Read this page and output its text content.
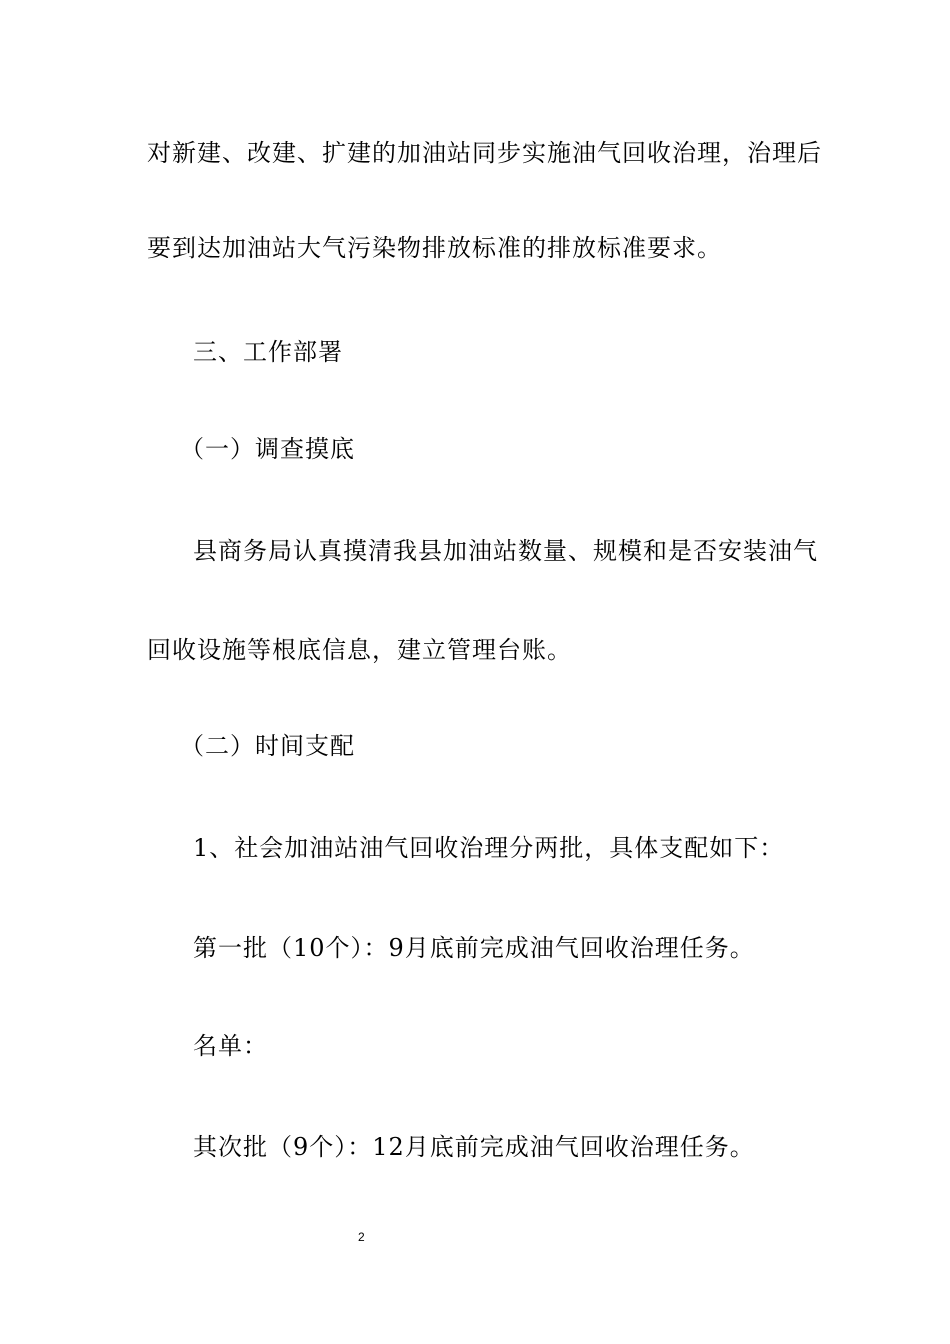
对新建、改建、扩建的加油站同步实施油气回收治理，治理后
要到达加油站大气污染物排放标准的排放标准要求。
三、工作部署
（一）调查摸底
县商务局认真摸清我县加油站数量、规模和是否安装油气
回收设施等根底信息，建立管理台账。
（二）时间支配
1、社会加油站油气回收治理分两批，具体支配如下：
第一批（10个）：9月底前完成油气回收治理任务。
名单：
其次批（9个）：12月底前完成油气回收治理任务。
2
